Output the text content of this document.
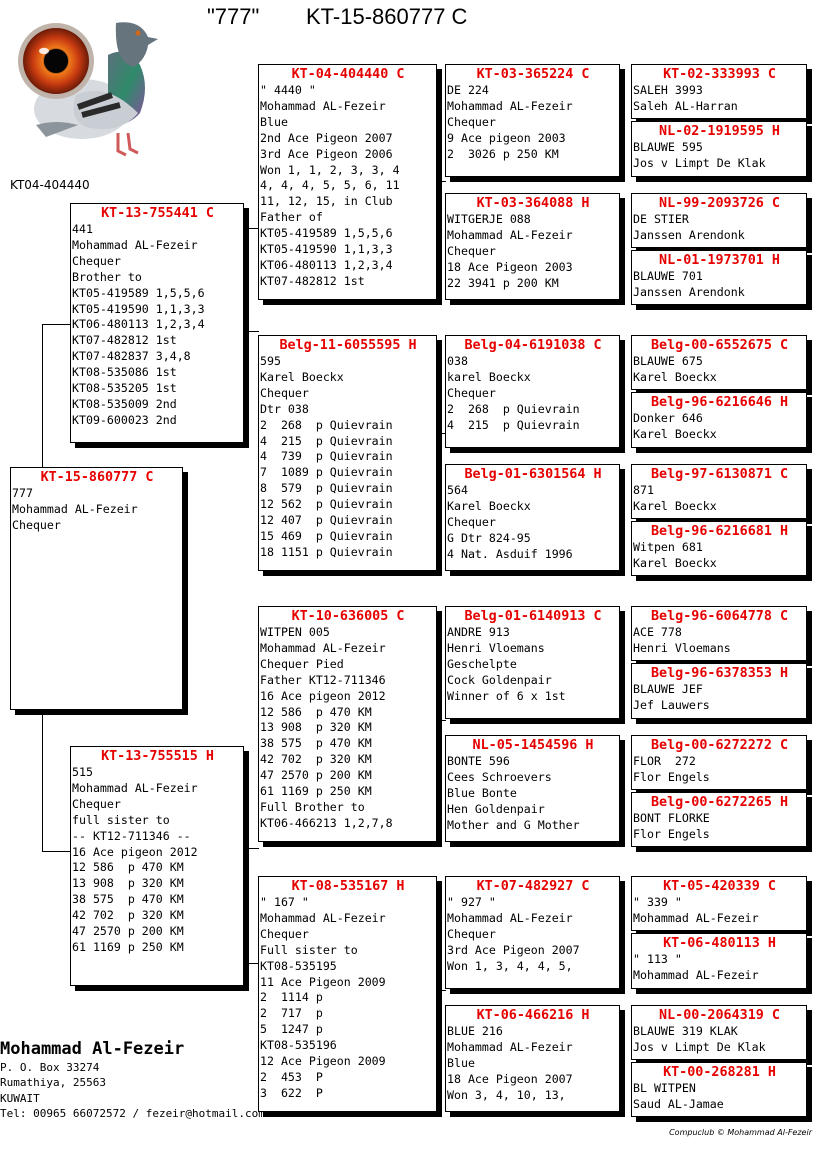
"777" KT-15-860777 C
KT04-404440
KT-15-860777 C
777
Mohammad AL-Fezeir
Chequer
KT-13-755441 C
441
Mohammad AL-Fezeir
Chequer
Brother to
KT05-419589 1,5,5,6
KT05-419590 1,1,3,3
KT06-480113 1,2,3,4
KT07-482812 1st
KT07-482837 3,4,8
KT08-535086 1st
KT08-535205 1st
KT08-535009 2nd
KT09-600023 2nd
KT-13-755515 H
515
Mohammad AL-Fezeir
Chequer
full sister to
-- KT12-711346 --
16 Ace pigeon 2012
12 586  p 470 KM
13 908  p 320 KM
38 575  p 470 KM
42 702  p 320 KM
47 2570 p 200 KM
61 1169 p 250 KM
KT-04-404440 C
" 4440 "
Mohammad AL-Fezeir
Blue
2nd Ace Pigeon 2007
3rd Ace Pigeon 2006
Won 1, 1, 2, 3, 3, 4
4, 4, 4, 5, 5, 6, 11
11, 12, 15, in Club
Father of
KT05-419589 1,5,5,6
KT05-419590 1,1,3,3
KT06-480113 1,2,3,4
KT07-482812 1st
Belg-11-6055595 H
595
Karel Boeckx
Chequer
Dtr 038
2  268  p Quievrain
4  215  p Quievrain
4  739  p Quievrain
7  1089 p Quievrain
8  579  p Quievrain
12 562  p Quievrain
12 407  p Quievrain
15 469  p Quievrain
18 1151 p Quievrain
KT-10-636005 C
WITPEN 005
Mohammad AL-Fezeir
Chequer Pied
Father KT12-711346
16 Ace pigeon 2012
12 586  p 470 KM
13 908  p 320 KM
38 575  p 470 KM
42 702  p 320 KM
47 2570 p 200 KM
61 1169 p 250 KM
Full Brother to
KT06-466213 1,2,7,8
KT-08-535167 H
" 167 "
Mohammad AL-Fezeir
Chequer
Full sister to
KT08-535195
11 Ace Pigeon 2009
2  1114 p
2  717  p
5  1247 p
KT08-535196
12 Ace Pigeon 2009
2  453  P
3  622  P
KT-03-365224 C
DE 224
Mohammad AL-Fezeir
Chequer
9 Ace pigeon 2003
2  3026 p 250 KM
KT-03-364088 H
WITGERJE 088
Mohammad AL-Fezeir
Chequer
18 Ace Pigeon 2003
22 3941 p 200 KM
Belg-04-6191038 C
038
karel Boeckx
Chequer
2  268  p Quievrain
4  215  p Quievrain
Belg-01-6301564 H
564
Karel Boeckx
Chequer
G Dtr 824-95
4 Nat. Asduif 1996
Belg-01-6140913 C
ANDRE 913
Henri Vloemans
Geschelpte
Cock Goldenpair
Winner of 6 x 1st
NL-05-1454596 H
BONTE 596
Cees Schroevers
Blue Bonte
Hen Goldenpair
Mother and G Mother
KT-07-482927 C
" 927 "
Mohammad AL-Fezeir
Chequer
3rd Ace Pigeon 2007
Won 1, 3, 4, 4, 5,
KT-06-466216 H
BLUE 216
Mohammad AL-Fezeir
Blue
18 Ace Pigeon 2007
Won 3, 4, 10, 13,
KT-02-333993 C
SALEH 3993
Saleh AL-Harran
NL-02-1919595 H
BLAUWE 595
Jos v Limpt De Klak
NL-99-2093726 C
DE STIER
Janssen Arendonk
NL-01-1973701 H
BLAUWE 701
Janssen Arendonk
Belg-00-6552675 C
BLAUWE 675
Karel Boeckx
Belg-96-6216646 H
Donker 646
Karel Boeckx
Belg-97-6130871 C
871
Karel Boeckx
Belg-96-6216681 H
Witpen 681
Karel Boeckx
Belg-96-6064778 C
ACE 778
Henri Vloemans
Belg-96-6378353 H
BLAUWE JEF
Jef Lauwers
Belg-00-6272272 C
FLOR  272
Flor Engels
Belg-00-6272265 H
BONT FLORKE
Flor Engels
KT-05-420339 C
" 339 "
Mohammad AL-Fezeir
KT-06-480113 H
" 113 "
Mohammad AL-Fezeir
NL-00-2064319 C
BLAUWE 319 KLAK
Jos v Limpt De Klak
KT-00-268281 H
BL WITPEN
Saud AL-Jamae
Mohammad Al-Fezeir
P. O. Box 33274
Rumathiya, 25563
KUWAIT
Tel: 00965 66072572 / fezeir@hotmail.com
Compuclub © Mohammad Al-Fezeir
